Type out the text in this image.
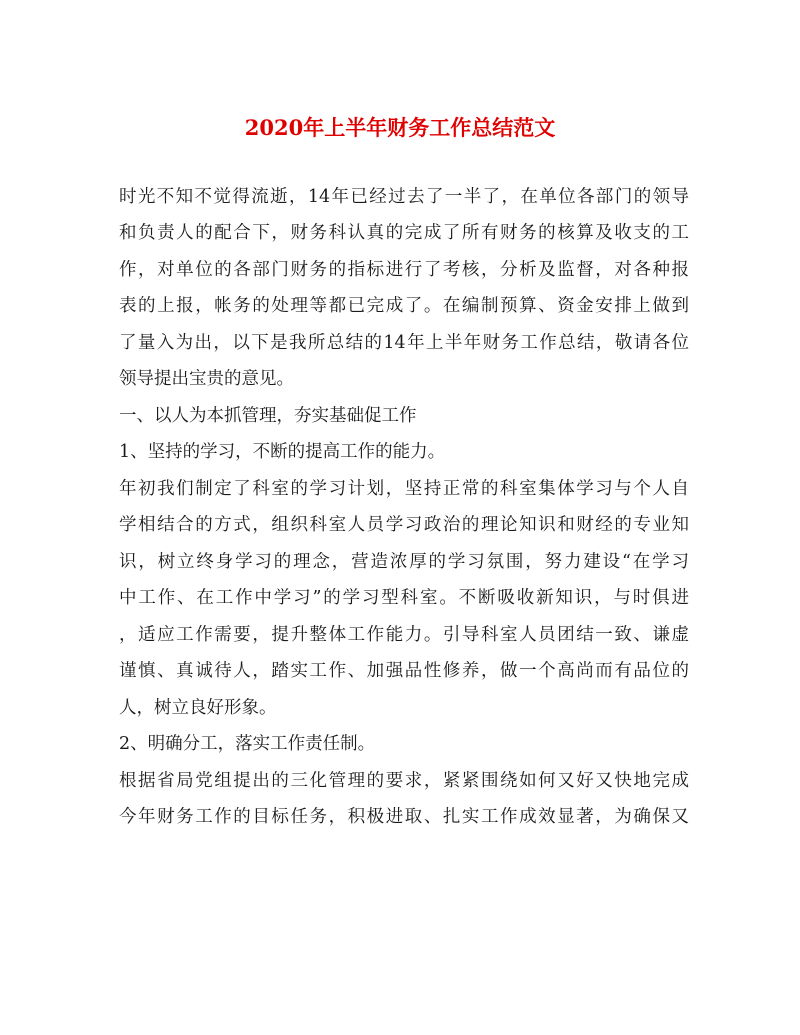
2020年上半年财务工作总结范文
时光不知不觉得流逝，14年已经过去了一半了，在单位各部门的领导
和负责人的配合下，财务科认真的完成了所有财务的核算及收支的工
作，对单位的各部门财务的指标进行了考核，分析及监督，对各种报
表的上报，帐务的处理等都已完成了。在编制预算、资金安排上做到
了量入为出，以下是我所总结的14年上半年财务工作总结，敬请各位
领导提出宝贵的意见。
一、以人为本抓管理，夯实基础促工作
1、坚持的学习，不断的提高工作的能力。
年初我们制定了科室的学习计划，坚持正常的科室集体学习与个人自
学相结合的方式，组织科室人员学习政治的理论知识和财经的专业知
识，树立终身学习的理念，营造浓厚的学习氛围，努力建设“在学习
中工作、在工作中学习”的学习型科室。不断吸收新知识，与时俱进
，适应工作需要，提升整体工作能力。引导科室人员团结一致、谦虚
谨慎、真诚待人，踏实工作、加强品性修养，做一个高尚而有品位的
人，树立良好形象。
2、明确分工，落实工作责任制。
根据省局党组提出的三化管理的要求，紧紧围绕如何又好又快地完成
今年财务工作的目标任务，积极进取、扎实工作成效显著，为确保又
